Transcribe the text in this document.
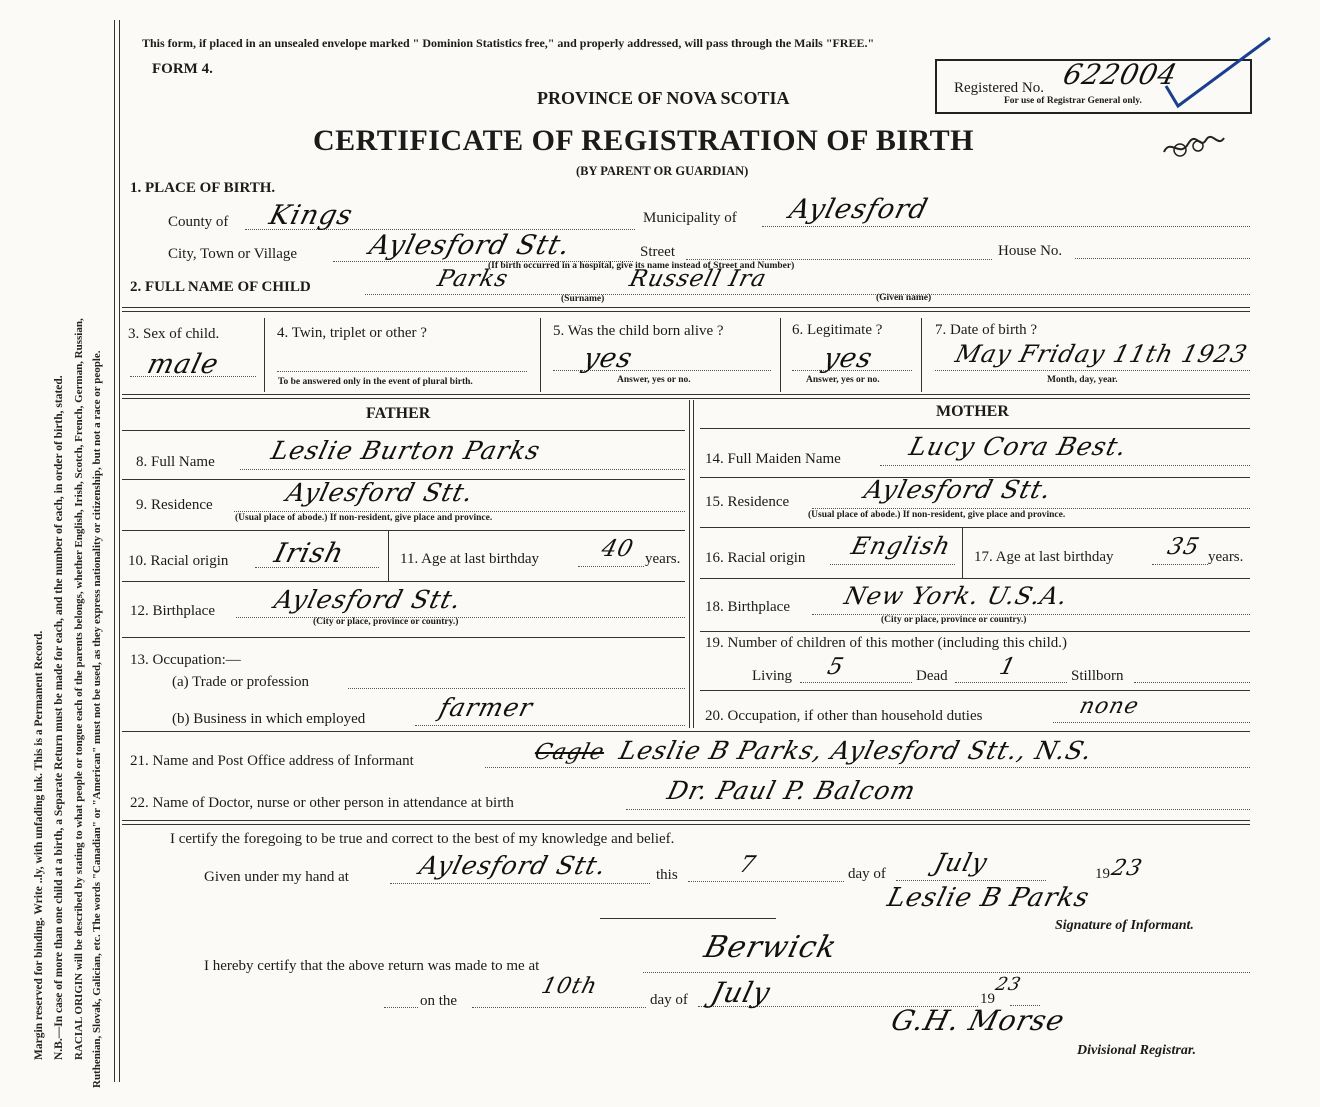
Margin reserved for binding. Write ..ly, with unfading ink. This is a Permanent Record. N.B.—In case of more than one child at a birth, a Separate Return must be made for each, and the number of each, in order of birth, stated. RACIAL ORIGIN will be described by stating to what people or tongue each of the parents belongs, whether English, Irish, Scotch, French, German, Russian, Ruthenian, Slovak, Galician, etc. The words "Canadian" or "American" must not be used, as they express nationality or citizenship, but not a race or people.
This form, if placed in an unsealed envelope marked " Dominion Statistics free," and properly addressed, will pass through the Mails "FREE."
FORM 4.
PROVINCE OF NOVA SCOTIA
CERTIFICATE OF REGISTRATION OF BIRTH
(BY PARENT OR GUARDIAN)
Registered No. 622004
For use of Registrar General only.
1. PLACE OF BIRTH.
County of Kings	Municipality of Aylesford
City, Town or Village	Aylesford Stt.	Street	House No.
(If birth occurred in a hospital, give its name instead of Street and Number)
2. FULL NAME OF CHILD	Parks	Russell Ira
(Surname)	(Given name)
3. Sex of child.
male
4. Twin, triplet or other ?
To be answered only in the event of plural birth.
5. Was the child born alive ?
yes
Answer, yes or no.
6. Legitimate ?
yes
Answer, yes or no.
7. Date of birth ?
May Friday 11th 1923
Month, day, year.
FATHER	MOTHER
8. Full Name Leslie Burton Parks
9. Residence	Aylesford Stt.
(Usual place of abode.) If non-resident, give place and province.
10. Racial origin Irish	11. Age at last birthday	40 years.
12. Birthplace Aylesford Stt.
(City or place, province or country.)
13. Occupation:—
(a) Trade or profession
(b) Business in which employed	farmer
14. Full Maiden Name	Lucy Cora Best.
15. Residence	Aylesford Stt.
(Usual place of abode.) If non-resident, give place and province.
16. Racial origin English 17. Age at last birthday 35 years.
18. Birthplace New York. U.S.A.
(City or place, province or country.)
19. Number of children of this mother (including this child.)
Living 5	Dead 1	Stillborn
20. Occupation, if other than household duties	none
21. Name and Post Office address of Informant	Cagle Leslie B Parks, Aylesford Stt., N.S.
22. Name of Doctor, nurse or other person in attendance at birth	Dr. Paul P. Balcom
I certify the foregoing to be true and correct to the best of my knowledge and belief.
Given under my hand at	Aylesford Stt.	this	7	day of July	19
23
Leslie B Parks
Signature of Informant.
I hereby certify that the above return was made to me at
Berwick
on the
10th
day of July	19
23
G.H. Morse
Divisional Registrar.
